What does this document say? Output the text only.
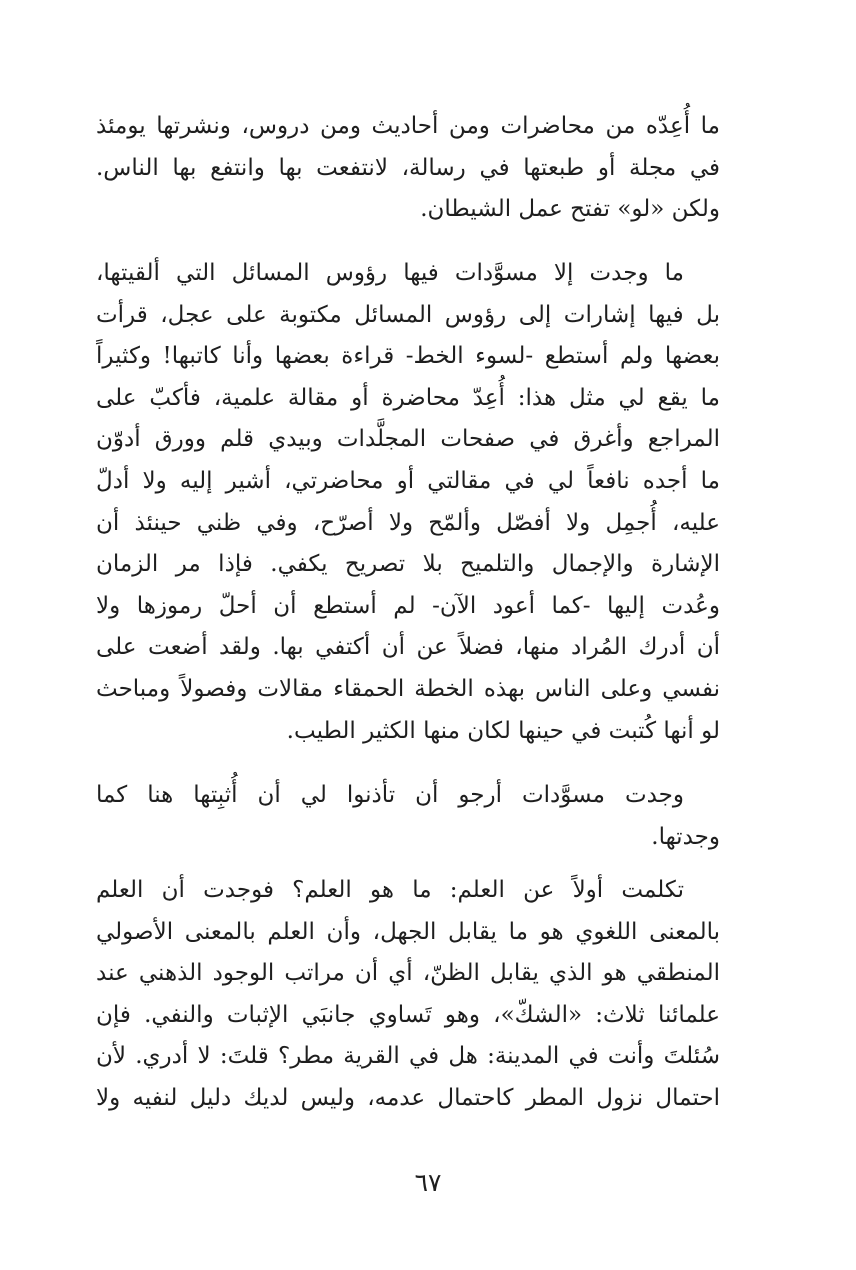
ما أُعِدّه من محاضرات ومن أحاديث ومن دروس، ونشرتها يومئذ
في مجلة أو طبعتها في رسالة، لانتفعت بها وانتفع بها الناس.
ولكن «لو» تفتح عمل الشيطان.
ما وجدت إلا مسوَّدات فيها رؤوس المسائل التي ألقيتها،
بل فيها إشارات إلى رؤوس المسائل مكتوبة على عجل، قرأت
بعضها ولم أستطع -لسوء الخط- قراءة بعضها وأنا كاتبها! وكثيراً
ما يقع لي مثل هذا: أُعِدّ محاضرة أو مقالة علمية، فأكبّ على
المراجع وأغرق في صفحات المجلَّدات وبيدي قلم وورق أدوّن
ما أجده نافعاً لي في مقالتي أو محاضرتي، أشير إليه ولا أدلّ
عليه، أُجمِل ولا أفصّل وألمّح ولا أصرّح، وفي ظني حينئذ أن
الإشارة والإجمال والتلميح بلا تصريح يكفي. فإذا مر الزمان
وعُدت إليها -كما أعود الآن- لم أستطع أن أحلّ رموزها ولا
أن أدرك المُراد منها، فضلاً عن أن أكتفي بها. ولقد أضعت على
نفسي وعلى الناس بهذه الخطة الحمقاء مقالات وفصولاً ومباحث
لو أنها كُتبت في حينها لكان منها الكثير الطيب.
وجدت مسوَّدات أرجو أن تأذنوا لي أن أُثبِتها هنا كما
وجدتها.
تكلمت أولاً عن العلم: ما هو العلم؟ فوجدت أن العلم
بالمعنى اللغوي هو ما يقابل الجهل، وأن العلم بالمعنى الأصولي
المنطقي هو الذي يقابل الظنّ، أي أن مراتب الوجود الذهني عند
علمائنا ثلاث: «الشكّ»، وهو تَساوي جانبَي الإثبات والنفي. فإن
سُئلتَ وأنت في المدينة: هل في القرية مطر؟ قلتَ: لا أدري. لأن
احتمال نزول المطر كاحتمال عدمه، وليس لديك دليل لنفيه ولا
٦٧
